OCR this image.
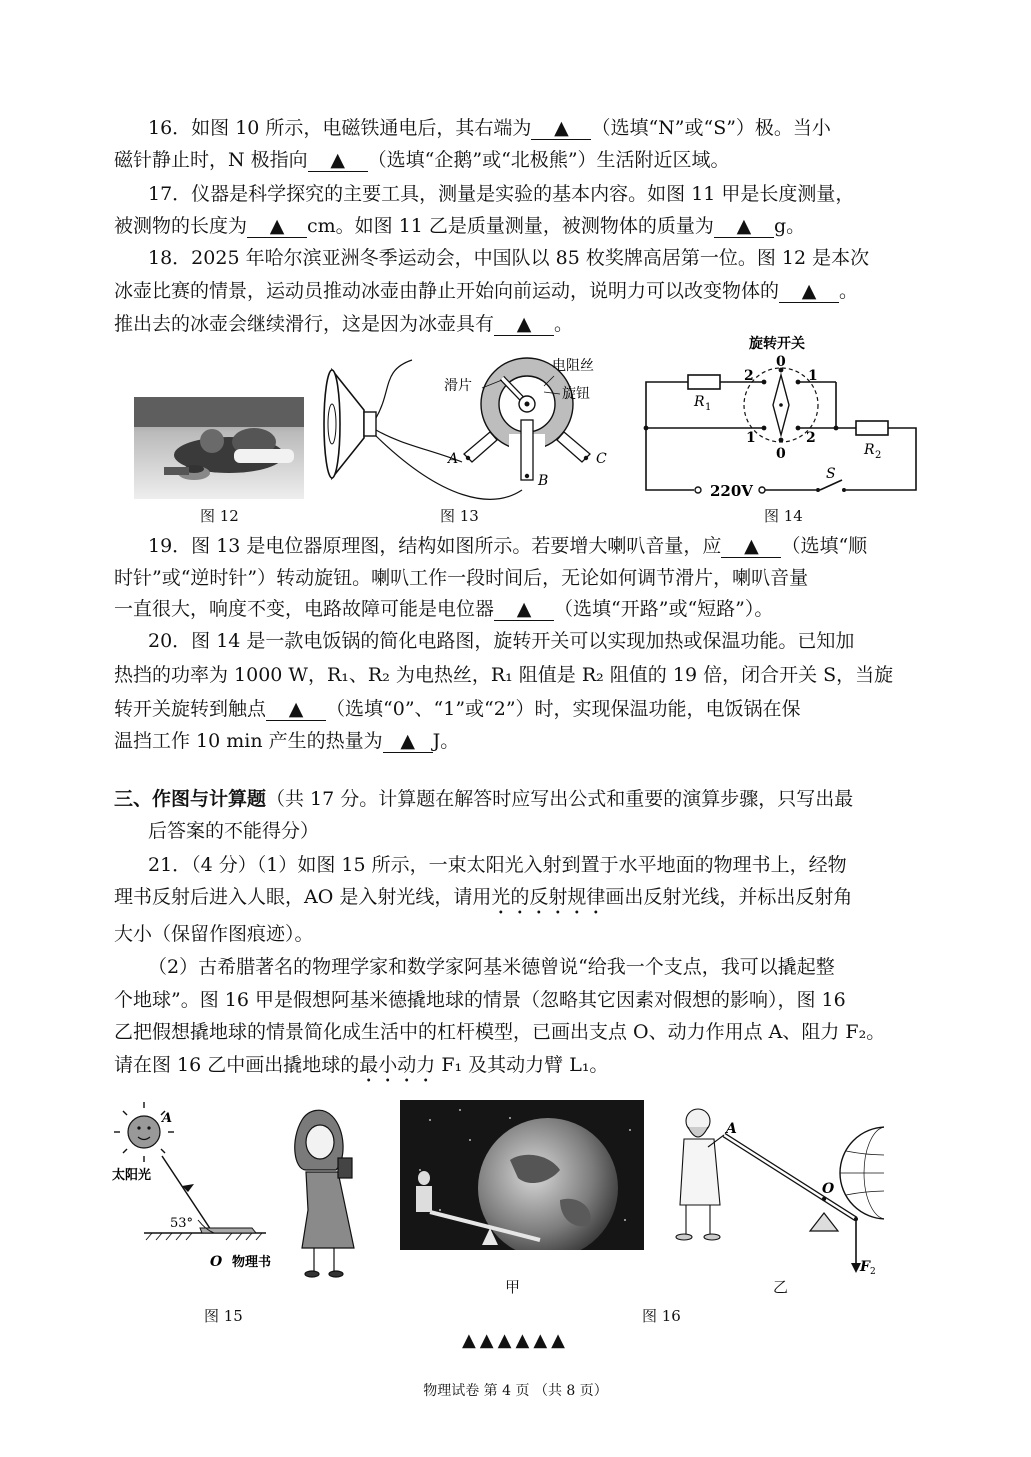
16．如图 10 所示，电磁铁通电后，其右端为 ▲ （选填“N”或“S”）极。当小
磁针静止时，N 极指向 ▲ （选填“企鹅”或“北极熊”）生活附近区域。
17．仪器是科学探究的主要工具，测量是实验的基本内容。如图 11 甲是长度测量，
被测物的长度为 ▲ cm。如图 11 乙是质量测量，被测物体的质量为 ▲ g。
18．2025 年哈尔滨亚洲冬季运动会，中国队以 85 枚奖牌高居第一位。图 12 是本次
冰壶比赛的情景，运动员推动冰壶由静止开始向前运动，说明力可以改变物体的 ▲ 。
推出去的冰壶会继续滑行，这是因为冰壶具有 ▲ 。
图 12
滑片
电阻丝
旋钮
A
B
C
图 13
旋转开关
220V
S
R 1
R 2
0
0
2	1
1	2
图 14
19．图 13 是电位器原理图，结构如图所示。若要增大喇叭音量，应 ▲ （选填“顺
时针”或“逆时针”）转动旋钮。喇叭工作一段时间后，无论如何调节滑片，喇叭音量
一直很大，响度不变，电路故障可能是电位器 ▲ （选填“开路”或“短路”）。
20．图 14 是一款电饭锅的简化电路图，旋转开关可以实现加热或保温功能。已知加
热挡的功率为 1000 W，R₁、R₂ 为电热丝，R₁ 阻值是 R₂ 阻值的 19 倍，闭合开关 S，当旋
转开关旋转到触点 ▲ （选填“0”、“1”或“2”）时，实现保温功能，电饭锅在保
温挡工作 10 min 产生的热量为 ▲ J。
三、作图与计算题（共 17 分。计算题在解答时应写出公式和重要的演算步骤，只写出最
后答案的不能得分）
21．（4 分）（1）如图 15 所示，一束太阳光入射到置于水平地面的物理书上，经物
理书反射后进入人眼，AO 是入射光线，请用光的反射规律画出反射光线，并标出反射角
大小（保留作图痕迹）。
（2）古希腊著名的物理学家和数学家阿基米德曾说“给我一个支点，我可以撬起整
个地球”。图 16 甲是假想阿基米德撬地球的情景（忽略其它因素对假想的影响），图 16
乙把假想撬地球的情景简化成生活中的杠杆模型，已画出支点 O、动力作用点 A、阻力 F₂。
请在图 16 乙中画出撬地球的最小动力 F₁ 及其动力臂 L₁。
A
太阳光
53°
O 物理书
图 15
甲
A
O
F 2
乙
图 16
▲▲▲▲▲▲
物理试卷 第 4 页 （共 8 页）
